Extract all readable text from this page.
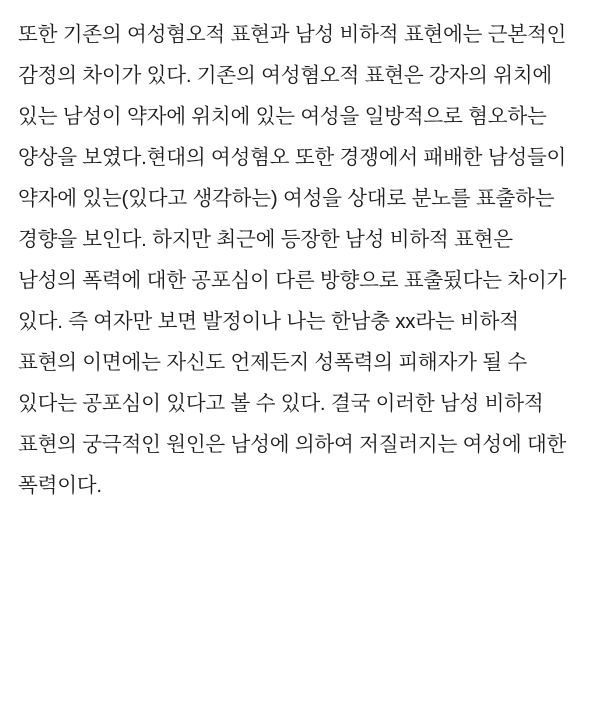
또한 기존의 여성혐오적 표현과 남성 비하적 표현에는 근본적인 감정의 차이가 있다. 기존의 여성혐오적 표현은 강자의 위치에 있는 남성이 약자에 위치에 있는 여성을 일방적으로 혐오하는 양상을 보였다.현대의 여성혐오 또한 경쟁에서 패배한 남성들이 약자에 있는(있다고 생각하는) 여성을 상대로 분노를 표출하는 경향을 보인다. 하지만 최근에 등장한 남성 비하적 표현은 남성의 폭력에 대한 공포심이 다른 방향으로 표출됬다는 차이가 있다. 즉 여자만 보면 발정이나 나는 한남충 xx라는 비하적 표현의 이면에는 자신도 언제든지 성폭력의 피해자가 될 수 있다는 공포심이 있다고 볼 수 있다. 결국 이러한 남성 비하적 표현의 궁극적인 원인은 남성에 의하여 저질러지는 여성에 대한 폭력이다.
